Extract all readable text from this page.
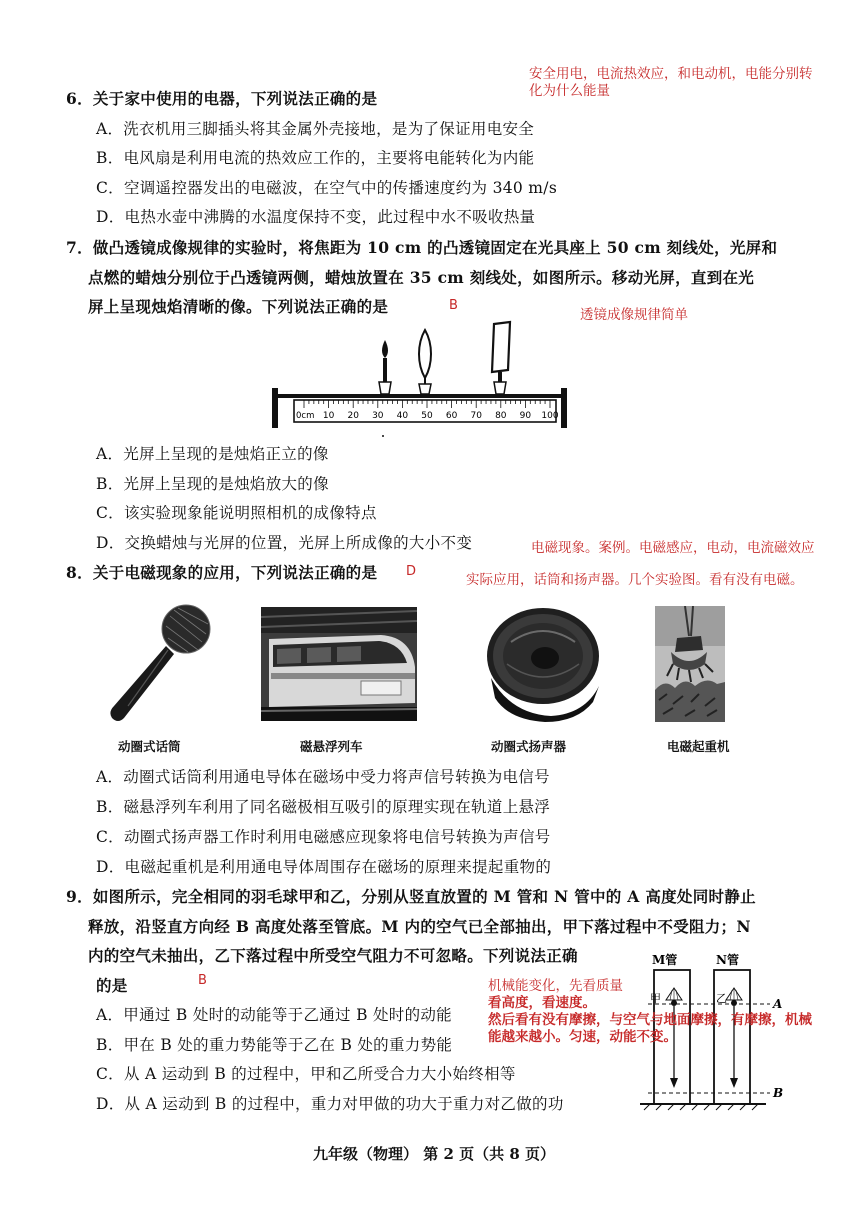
6．关于家中使用的电器，下列说法正确的是
安全用电，电流热效应，和电动机，电能分别转
化为什么能量
A．洗衣机用三脚插头将其金属外壳接地，是为了保证用电安全
B．电风扇是利用电流的热效应工作的，主要将电能转化为内能
C．空调遥控器发出的电磁波，在空气中的传播速度约为 340 m/s
D．电热水壶中沸腾的水温度保持不变，此过程中水不吸收热量
7．做凸透镜成像规律的实验时，将焦距为 10 cm 的凸透镜固定在光具座上 50 cm 刻线处，光屏和
点燃的蜡烛分别位于凸透镜两侧，蜡烛放置在 35 cm 刻线处，如图所示。移动光屏，直到在光
屏上呈现烛焰清晰的像。下列说法正确的是	B
透镜成像规律简单
0cm 10 20 30 40 50 60 70 80 90 100
A．光屏上呈现的是烛焰正立的像
B．光屏上呈现的是烛焰放大的像
C．该实验现象能说明照相机的成像特点
D．交换蜡烛与光屏的位置，光屏上所成像的大小不变	电磁现象。案例。电磁感应，电动，电流磁效应
8．关于电磁现象的应用，下列说法正确的是 D
实际应用，话筒和扬声器。几个实验图。看有没有电磁。
动圈式话筒	磁悬浮列车	动圈式扬声器	电磁起重机
A．动圈式话筒利用通电导体在磁场中受力将声信号转换为电信号
B．磁悬浮列车利用了同名磁极相互吸引的原理实现在轨道上悬浮
C．动圈式扬声器工作时利用电磁感应现象将电信号转换为声信号
D．电磁起重机是利用通电导体周围存在磁场的原理来提起重物的
9．如图所示，完全相同的羽毛球甲和乙，分别从竖直放置的 M 管和 N 管中的 A 高度处同时静止
释放，沿竖直方向经 B 高度处落至管底。M 内的空气已全部抽出，甲下落过程中不受阻力；N
内的空气未抽出，乙下落过程中所受空气阻力不可忽略。下列说法正确
的是	B
A．甲通过 B 处时的动能等于乙通过 B 处时的动能
B．甲在 B 处的重力势能等于乙在 B 处的重力势能
C．从 A 运动到 B 的过程中，甲和乙所受合力大小始终相等
D．从 A 运动到 B 的过程中，重力对甲做的功大于重力对乙做的功
M管	N管
甲	乙	A
B
机械能变化，先看质量
看高度，看速度。
然后看有没有摩擦，与空气与地面摩擦，有摩擦，机械
能越来越小。匀速，动能不变。
九年级（物理） 第 2 页（共 8 页）
